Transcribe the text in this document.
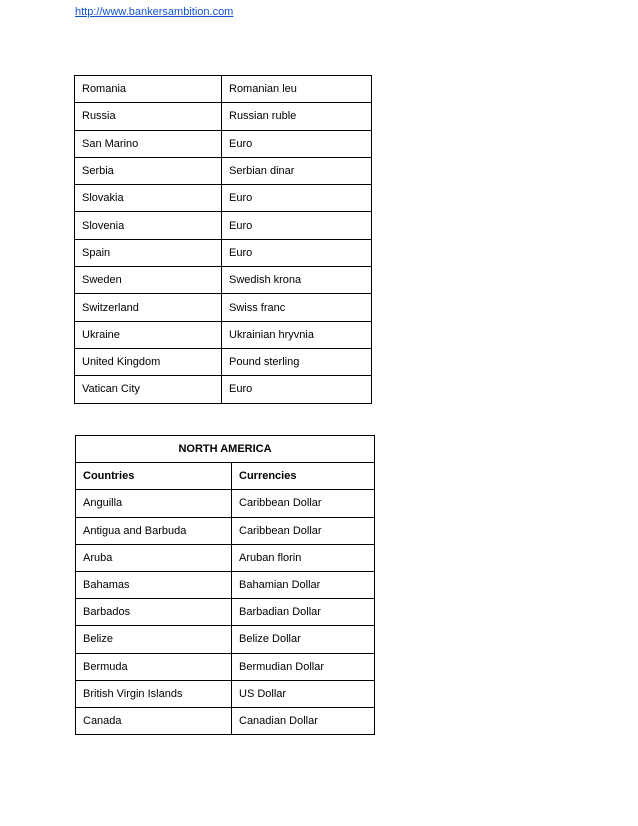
http://www.bankersambition.com
Romania	Romanian leu
Russia	Russian ruble
San Marino	Euro
Serbia	Serbian dinar
Slovakia	Euro
Slovenia	Euro
Spain	Euro
Sweden	Swedish krona
Switzerland	Swiss franc
Ukraine	Ukrainian hryvnia
United Kingdom	Pound sterling
Vatican City	Euro
NORTH AMERICA	
Countries	Currencies
Anguilla	Caribbean Dollar
Antigua and Barbuda	Caribbean Dollar
Aruba	Aruban florin
Bahamas	Bahamian Dollar
Barbados	Barbadian Dollar
Belize	Belize Dollar
Bermuda	Bermudian Dollar
British Virgin Islands	US Dollar
Canada	Canadian Dollar
